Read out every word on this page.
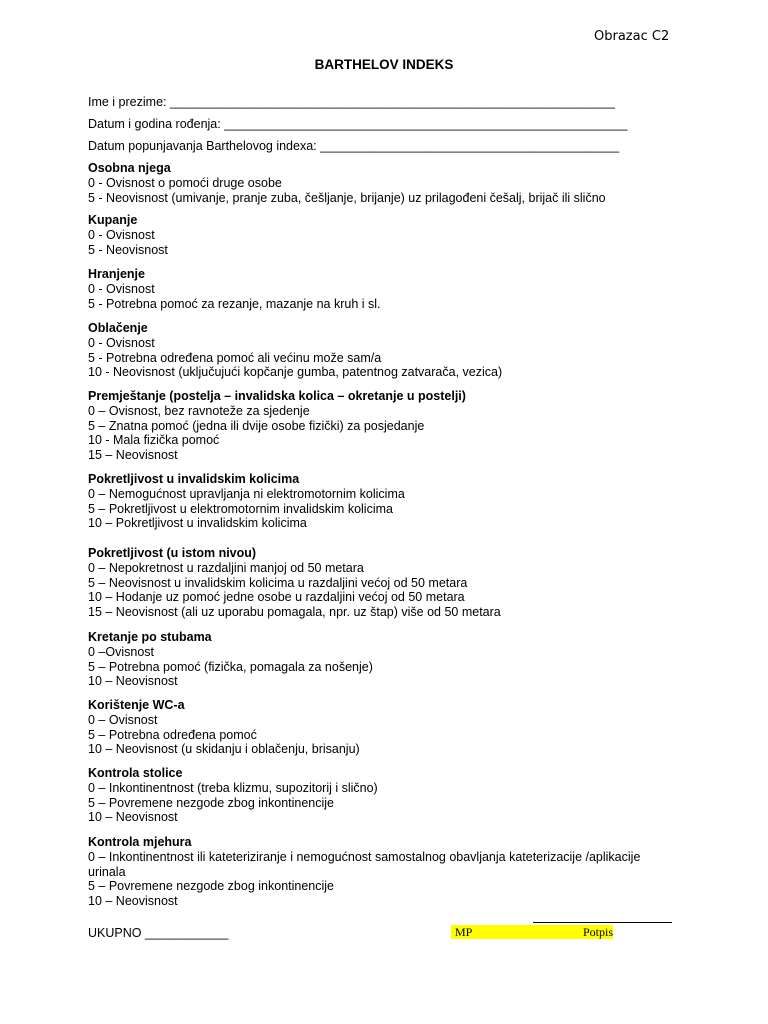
Obrazac C2
BARTHELOV INDEKS
Ime i prezime: ________________________________________________________________
Datum i godina rođenja: __________________________________________________________
Datum popunjavanja Barthelovog indexa: ___________________________________________
Osobna njega
0 - Ovisnost o pomoći druge osobe
5 - Neovisnost (umivanje, pranje zuba, češljanje, brijanje) uz prilagođeni češalj, brijač ili slično
Kupanje
0 - Ovisnost
5 - Neovisnost
Hranjenje
0 - Ovisnost
5 - Potrebna pomoć za rezanje, mazanje na kruh i sl.
Oblačenje
0 - Ovisnost
5 - Potrebna određena pomoć ali većinu može sam/a
10 - Neovisnost (uključujući kopčanje gumba, patentnog zatvarača, vezica)
Premještanje (postelja – invalidska kolica – okretanje u postelji)
0 – Ovisnost, bez ravnoteže za sjedenje
5 – Znatna pomoć (jedna ili dvije osobe fizički) za posjedanje
10 - Mala fizička pomoć
15 – Neovisnost
Pokretljivost u invalidskim kolicima
0 – Nemogućnost upravljanja ni elektromotornim kolicima
5 – Pokretljivost u elektromotornim invalidskim kolicima
10 – Pokretljivost u invalidskim kolicima
Pokretljivost (u istom nivou)
0 – Nepokretnost u razdaljini manjoj od 50 metara
5 – Neovisnost u invalidskim kolicima u razdaljini većoj od 50 metara
10 – Hodanje uz pomoć jedne osobe u razdaljini većoj od 50 metara
15 – Neovisnost (ali uz uporabu pomagala, npr. uz štap) više od 50 metara
Kretanje po stubama
0 –Ovisnost
5 – Potrebna pomoć (fizička, pomagala za nošenje)
10 – Neovisnost
Korištenje WC-a
0 – Ovisnost
5 – Potrebna određena pomoć
10 – Neovisnost (u skidanju i oblačenju, brisanju)
Kontrola stolice
0 – Inkontinentnost (treba klizmu, supozitorij i slično)
5 – Povremene nezgode zbog inkontinencije
10 – Neovisnost
Kontrola mjehura
0 – Inkontinentnost ili kateteriziranje i nemogućnost samostalnog obavljanja kateterizacije /aplikacije
urinala
5 – Povremene nezgode zbog inkontinencije
10 – Neovisnost
UKUPNO ____________	MP	Potpis
